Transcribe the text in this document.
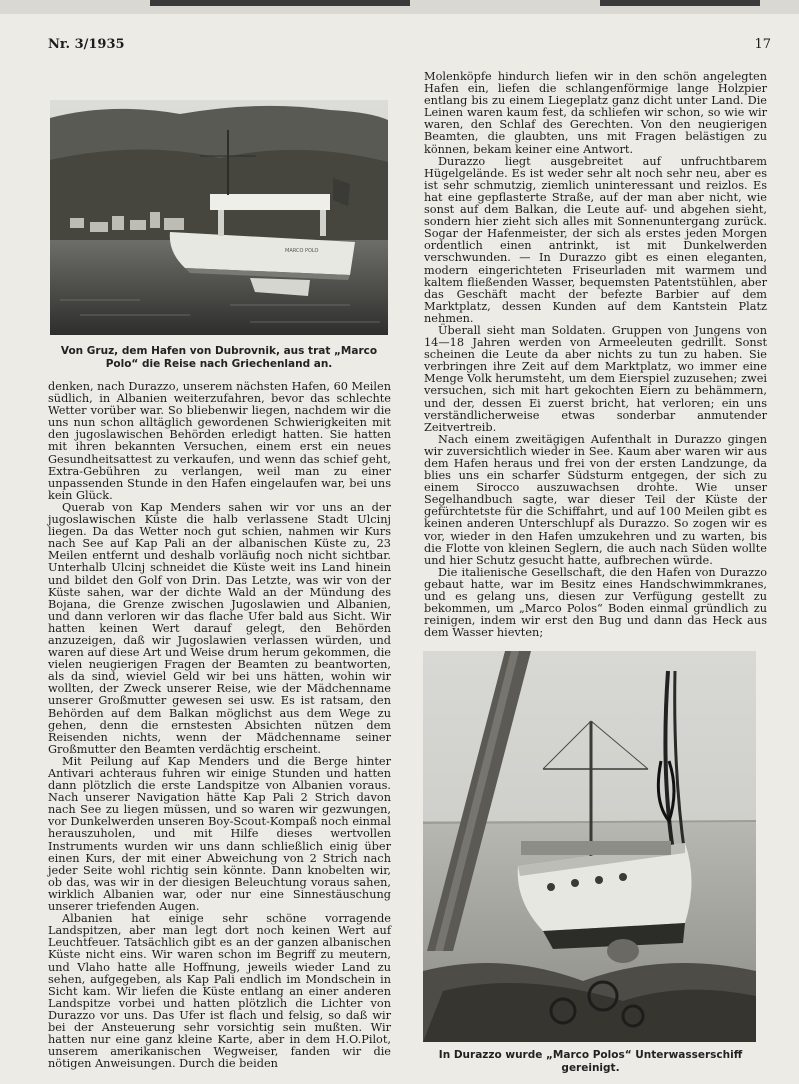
Nr. 3/1935	17
MARCO POLO
Von Gruz, dem Hafen von Dubrovnik, aus trat „Marco Polo“ die Reise nach Griechenland an.

denken, nach Durazzo, unserem nächsten Hafen, 60 Meilen südlich, in Albanien weiterzufahren, bevor das schlechte Wetter vorüber war. So bliebenwir liegen, nachdem wir die uns nun schon alltäglich gewordenen Schwierigkeiten mit den jugoslawischen Behörden erledigt hatten. Sie hatten mit ihren bekannten Versuchen, einem erst ein neues Gesundheitsattest zu verkaufen, und wenn das schief geht, Extra-Gebühren zu verlangen, weil man zu einer unpassenden Stunde in den Hafen eingelaufen war, bei uns kein Glück.

Querab von Kap Menders sahen wir vor uns an der jugoslawischen Küste die halb verlassene Stadt Ulcinj liegen. Da das Wetter noch gut schien, nahmen wir Kurs nach See auf Kap Pali an der albanischen Küste zu, 23 Meilen entfernt und deshalb vorläufig noch nicht sichtbar. Unterhalb Ulcinj schneidet die Küste weit ins Land hinein und bildet den Golf von Drin. Das Letzte, was wir von der Küste sahen, war der dichte Wald an der Mündung des Bojana, die Grenze zwischen Jugoslawien und Albanien, und dann verloren wir das flache Ufer bald aus Sicht. Wir hatten keinen Wert darauf gelegt, den Behörden anzuzeigen, daß wir Jugoslawien verlassen würden, und waren auf diese Art und Weise drum herum gekommen, die vielen neugierigen Fragen der Beamten zu beantworten, als da sind, wieviel Geld wir bei uns hätten, wohin wir wollten, der Zweck unserer Reise, wie der Mädchenname unserer Großmutter gewesen sei usw. Es ist ratsam, den Behörden auf dem Balkan möglichst aus dem Wege zu gehen, denn die ernstesten Absichten nützen dem Reisenden nichts, wenn der Mädchenname seiner Großmutter den Beamten verdächtig erscheint.

Mit Peilung auf Kap Menders und die Berge hinter Antivari achteraus fuhren wir einige Stunden und hatten dann plötzlich die erste Landspitze von Albanien voraus. Nach unserer Navigation hätte Kap Pali 2 Strich davon nach See zu liegen müssen, und so waren wir gezwungen, vor Dunkelwerden unseren Boy-Scout-Kompaß noch einmal herauszuholen, und mit Hilfe dieses wertvollen Instruments wurden wir uns dann schließlich einig über einen Kurs, der mit einer Abweichung von 2 Strich nach jeder Seite wohl richtig sein könnte. Dann knobelten wir, ob das, was wir in der diesigen Beleuchtung voraus sahen, wirklich Albanien war, oder nur eine Sinnestäuschung unserer triefenden Augen.

Albanien hat einige sehr schöne vorragende Landspitzen, aber man legt dort noch keinen Wert auf Leuchtfeuer. Tatsächlich gibt es an der ganzen albanischen Küste nicht eins. Wir waren schon im Begriff zu meutern, und Vlaho hatte alle Hoffnung, jeweils wieder Land zu sehen, aufgegeben, als Kap Pali endlich im Mondschein in Sicht kam. Wir liefen die Küste entlang an einer anderen Landspitze vorbei und hatten plötzlich die Lichter von Durazzo vor uns. Das Ufer ist flach und felsig, so daß wir bei der Ansteuerung sehr vorsichtig sein mußten. Wir hatten nur eine ganz kleine Karte, aber in dem H.O.Pilot, unserem amerikanischen Wegweiser, fanden wir die nötigen Anweisungen. Durch die beiden

Molenköpfe hindurch liefen wir in den schön angelegten Hafen ein, liefen die schlangenförmige lange Holzpier entlang bis zu einem Liegeplatz ganz dicht unter Land. Die Leinen waren kaum fest, da schliefen wir schon, so wie wir waren, den Schlaf des Gerechten. Von den neugierigen Beamten, die glaubten, uns mit Fragen belästigen zu können, bekam keiner eine Antwort.

Durazzo liegt ausgebreitet auf unfruchtbarem Hügelgelände. Es ist weder sehr alt noch sehr neu, aber es ist sehr schmutzig, ziemlich uninteressant und reizlos. Es hat eine gepflasterte Straße, auf der man aber nicht, wie sonst auf dem Balkan, die Leute auf- und abgehen sieht, sondern hier zieht sich alles mit Sonnenuntergang zurück. Sogar der Hafenmeister, der sich als erstes jeden Morgen ordentlich einen antrinkt, ist mit Dunkelwerden verschwunden. — In Durazzo gibt es einen eleganten, modern eingerichteten Friseurladen mit warmem und kaltem fließenden Wasser, bequemsten Patentstühlen, aber das Geschäft macht der befezte Barbier auf dem Marktplatz, dessen Kunden auf dem Kantstein Platz nehmen.

Überall sieht man Soldaten. Gruppen von Jungens von 14—18 Jahren werden von Armeeleuten gedrillt. Sonst scheinen die Leute da aber nichts zu tun zu haben. Sie verbringen ihre Zeit auf dem Marktplatz, wo immer eine Menge Volk herumsteht, um dem Eierspiel zuzusehen; zwei versuchen, sich mit hart gekochten Eiern zu behämmern, und der, dessen Ei zuerst bricht, hat verloren; ein uns verständlicherweise etwas sonderbar anmutender Zeitvertreib.

Nach einem zweitägigen Aufenthalt in Durazzo gingen wir zuversichtlich wieder in See. Kaum aber waren wir aus dem Hafen heraus und frei von der ersten Landzunge, da blies uns ein scharfer Südsturm entgegen, der sich zu einem Sirocco auszuwachsen drohte. Wie unser Segelhandbuch sagte, war dieser Teil der Küste der gefürchtetste für die Schiffahrt, und auf 100 Meilen gibt es keinen anderen Unterschlupf als Durazzo. So zogen wir es vor, wieder in den Hafen umzukehren und zu warten, bis die Flotte von kleinen Seglern, die auch nach Süden wollte und hier Schutz gesucht hatte, aufbrechen würde.

Die italienische Gesellschaft, die den Hafen von Durazzo gebaut hatte, war im Besitz eines Handschwimmkranes, und es gelang uns, diesen zur Verfügung gestellt zu bekommen, um „Marco Polos“ Boden einmal gründlich zu reinigen, indem wir erst den Bug und dann das Heck aus dem Wasser hievten;

In Durazzo wurde „Marco Polos“ Unterwasserschiff gereinigt.
